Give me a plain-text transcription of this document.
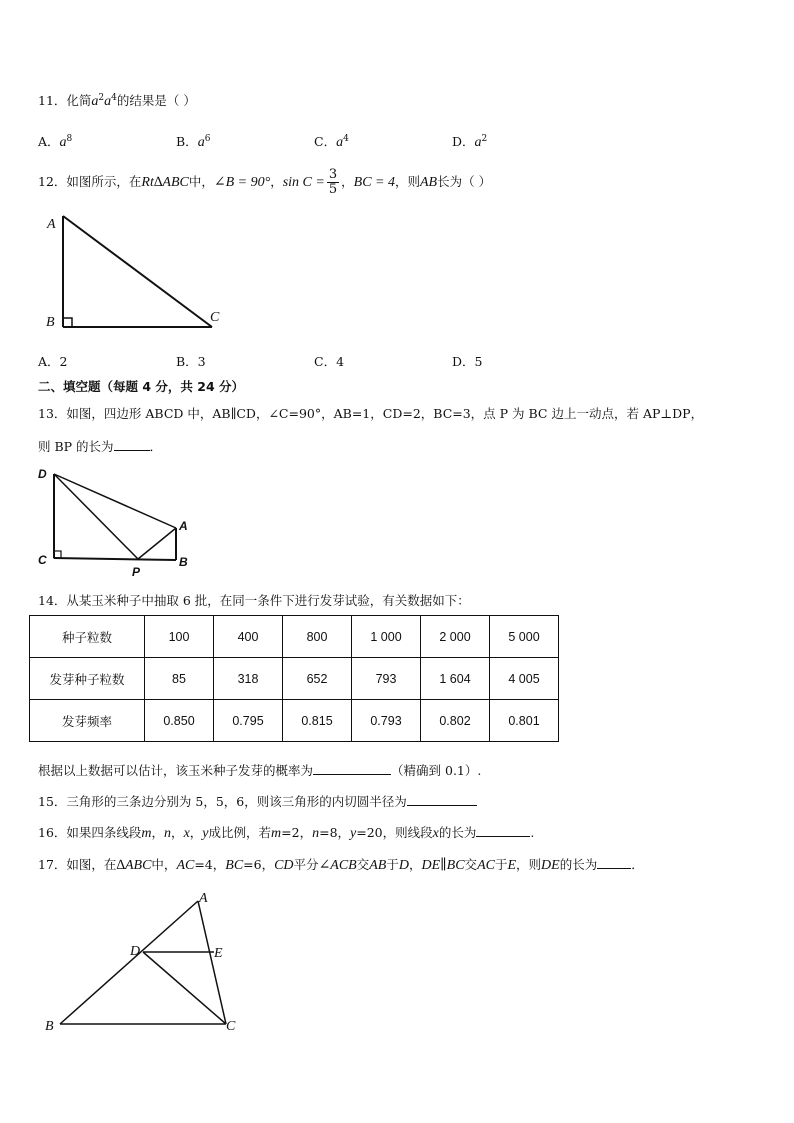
11．化简$a^2a^4$的结果是（ ）
A．$a^8$	B．$a^6$	C．$a^4$	D．$a^2$
12．如图所示，在Rt∆ABC中，∠B = 90°，$\sin C = \frac{3}{5}$ ，BC = 4，则AB长为（ ）
A
B	C
A．2	B．3	C．4	D．5
二、填空题（每题 4 分，共 24 分）
13．如图，四边形 ABCD 中，AB∥CD，∠C=90°，AB=1，CD=2，BC=3，点 P 为 BC 边上一动点，若 AP⊥DP，
则 BP 的长为	．
D
A
C	B
P
14．从某玉米种子中抽取 6 批，在同一条件下进行发芽试验，有关数据如下：
种子粒数	100	400	800	1 000	2 000	5 000
发芽种子粒数	85	318	652	793	1 604	4 005
发芽频率	0.850	0.795	0.815	0.793	0.802	0.801
根据以上数据可以估计，该玉米种子发芽的概率为	（精确到 0.1）.
15．三角形的三条边分别为 5，5，6，则该三角形的内切圆半径为
16．如果四条线段m，n，x，y成比例，若m=2，n=8，y=20，则线段x的长为	.
17．如图，在∆ABC中，AC=4，BC=6，CD平分∠ACB交AB于D，DE∥BC交AC于E，则DE的长为	．
A
D	E
B	C
